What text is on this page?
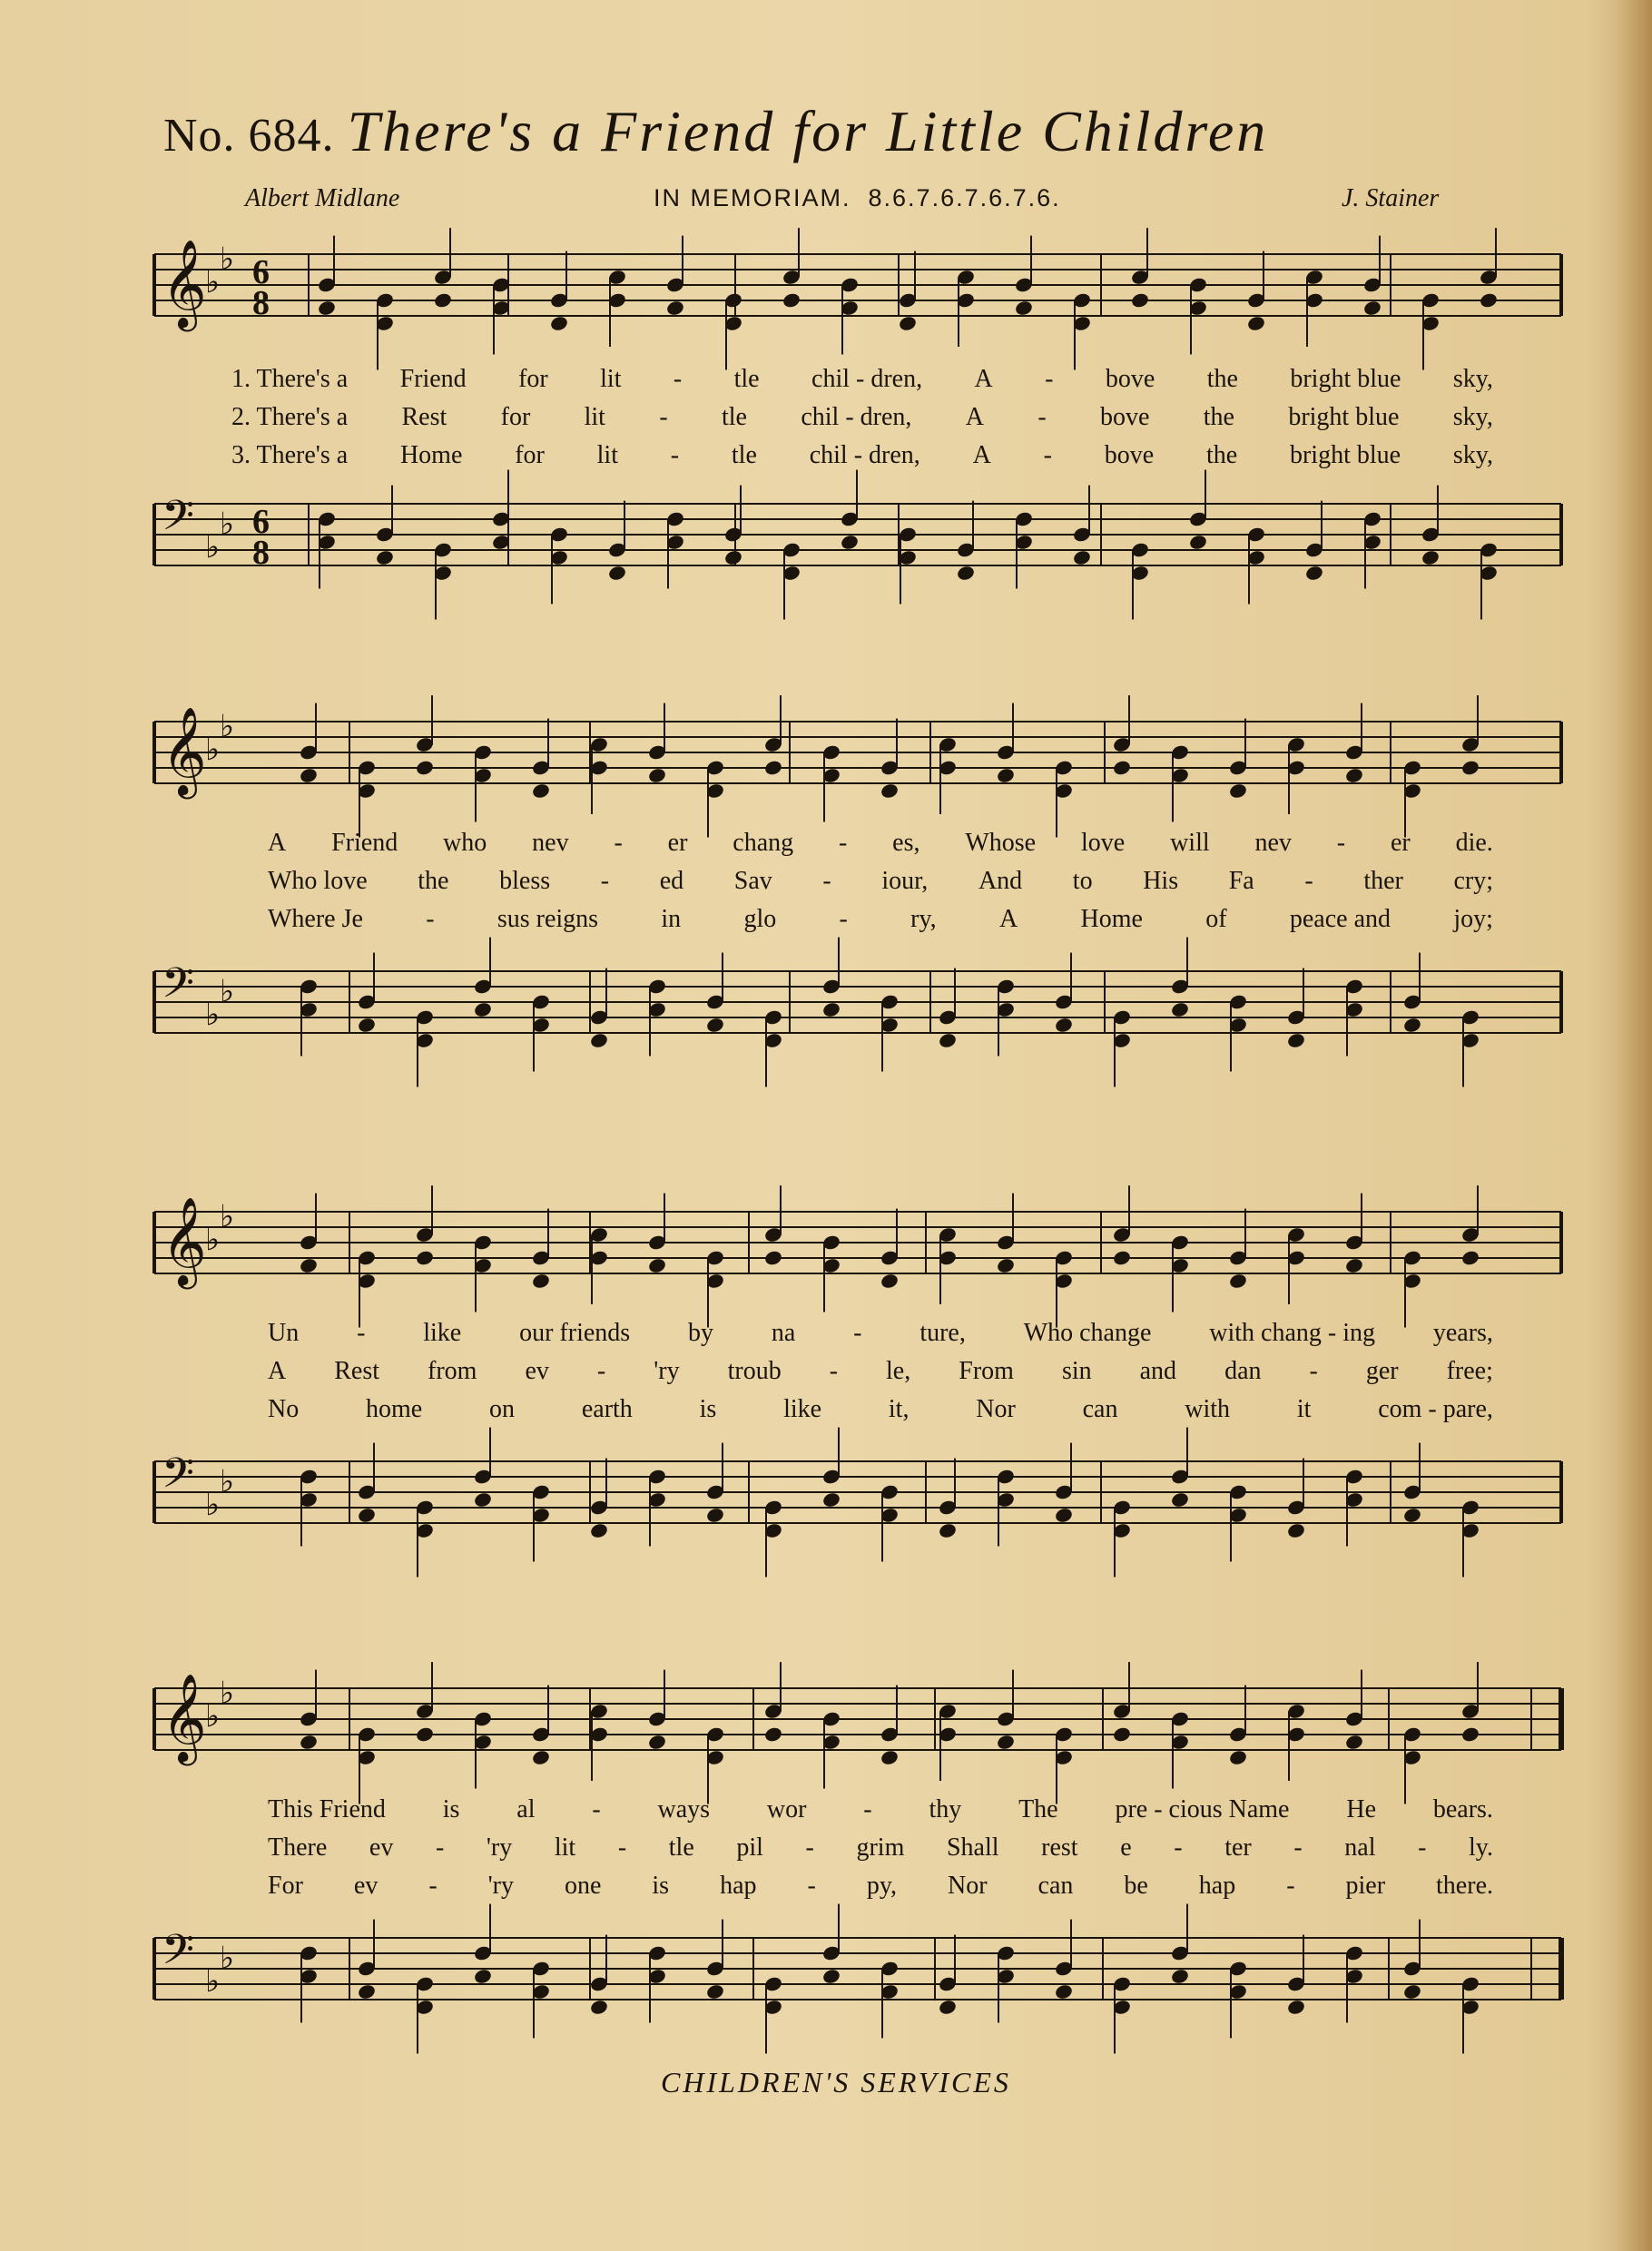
No. 684. There's a Friend for Little Children
Albert Midlane	IN MEMORIAM. 8.6.7.6.7.6.7.6.	J. Stainer
𝄞
♭
♭ 6
8
𝄢 ♭
♭ 6
8
1. There's a Friend for lit - tle chil - dren, A - bove the bright blue sky,
2. There's a Rest for lit - tle chil - dren, A - bove the bright blue sky,
3. There's a Home for lit - tle chil - dren, A - bove the bright blue sky,
𝄞
♭
♭
𝄢 ♭
♭
A Friend who nev - er chang - es, Whose love will nev - er die.
Who love the bless - ed Sav - iour, And to His Fa - ther cry;
Where Je - sus reigns in glo - ry, A Home of peace and joy;
𝄞
♭
♭
𝄢 ♭
♭
Un - like our friends by na - ture, Who change with chang - ing years,
A Rest from ev - 'ry troub - le, From sin and dan - ger free;
No	home	on	earth	is	like	it,	Nor	can	with	it	com - pare,
𝄞
♭
♭
𝄢 ♭
♭
This Friend is al - ways wor - thy The pre - cious Name He bears.
There ev - 'ry lit - tle pil - grim Shall rest e - ter - nal - ly.
For ev - 'ry one is hap - py, Nor can be hap - pier there.
CHILDREN'S SERVICES
